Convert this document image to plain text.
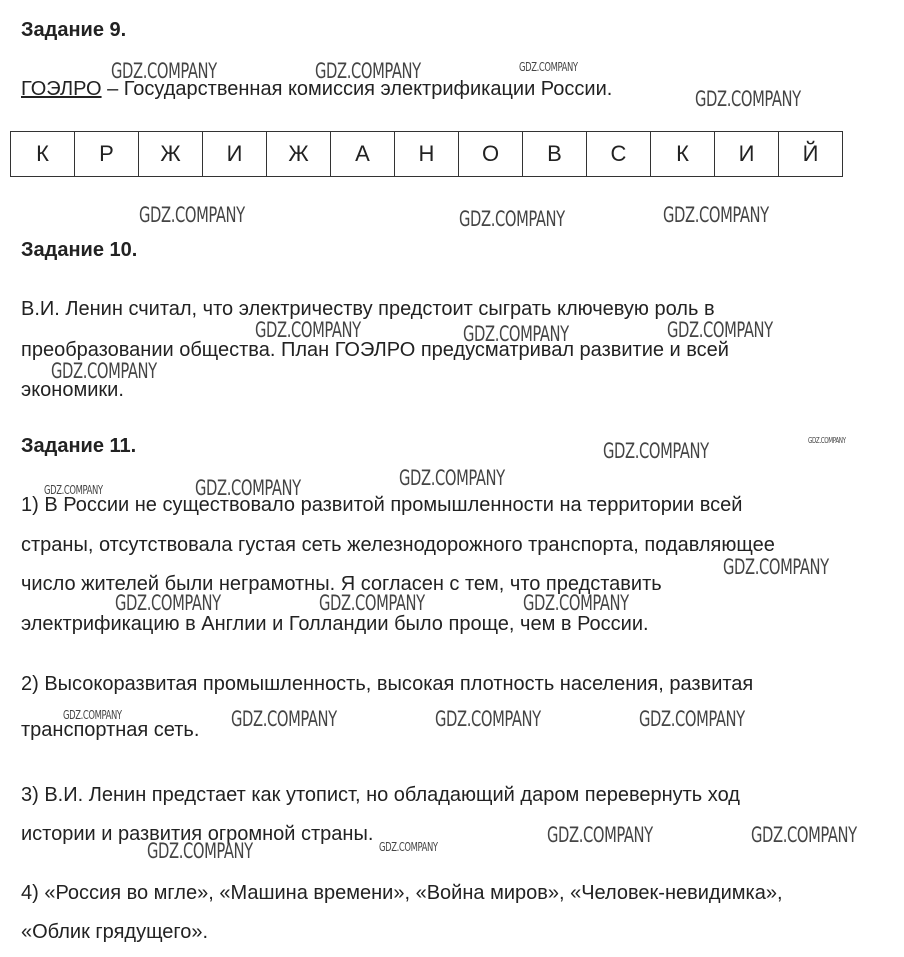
Задание 9.

ГОЭЛРО – Государственная комиссия электрификации России.

К	Р	Ж	И	Ж	А	Н	О	В	С	К	И	Й
Задание 10.

В.И. Ленин считал, что электричеству предстоит сыграть ключевую роль в

преобразовании общества. План ГОЭЛРО предусматривал развитие и всей

экономики.

Задание 11.

1) В России не существовало развитой промышленности на территории всей

страны, отсутствовала густая сеть железнодорожного транспорта, подавляющее

число жителей были неграмотны. Я согласен с тем, что представить

электрификацию в Англии и Голландии было проще, чем в России.

2) Высокоразвитая промышленность, высокая плотность населения, развитая

транспортная сеть.

3) В.И. Ленин предстает как утопист, но обладающий даром перевернуть ход

истории и развития огромной страны.

4) «Россия во мгле», «Машина времени», «Война миров», «Человек-невидимка»,

«Облик грядущего».

GDZ.COMPANY	GDZ.COMPANY	GDZ.COMPANY
GDZ.COMPANY
GDZ.COMPANY	GDZ.COMPANY	GDZ.COMPANY
GDZ.COMPANY	GDZ.COMPANY	GDZ.COMPANY
GDZ.COMPANY
GDZ.COMPANY	GDZ.COMPANY
GDZ.COMPANY
GDZ.COMPANY
GDZ.COMPANY
GDZ.COMPANY
GDZ.COMPANY	GDZ.COMPANY	GDZ.COMPANY
GDZ.COMPANY	GDZ.COMPANY	GDZ.COMPANY	GDZ.COMPANY
GDZ.COMPANY	GDZ.COMPANY
GDZ.COMPANY	GDZ.COMPANY
